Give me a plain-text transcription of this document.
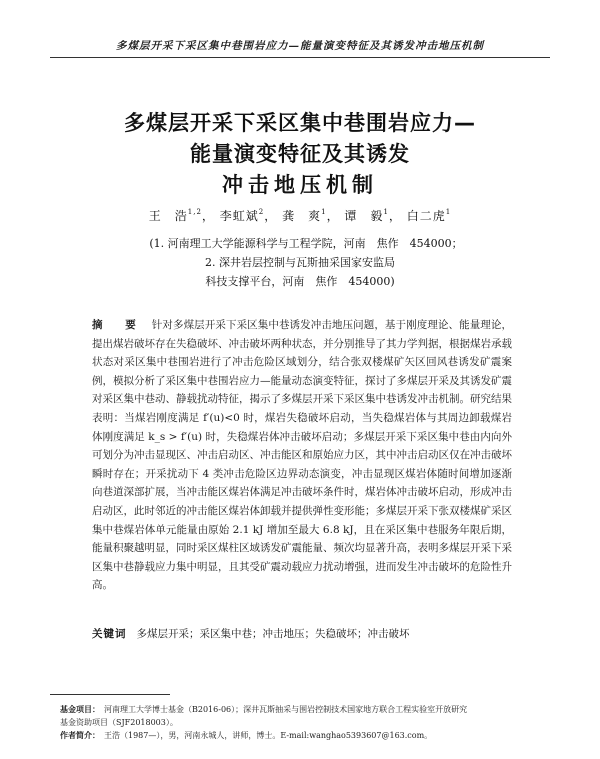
多煤层开采下采区集中巷围岩应力—能量演变特征及其诱发冲击地压机制
多煤层开采下采区集中巷围岩应力—
能量演变特征及其诱发
冲击地压机制
王　浩$^{1,2}$， 李虹斌$^2$， 龚　爽$^1$， 谭　毅$^1$， 白二虎$^1$
(1. 河南理工大学能源科学与工程学院，河南　焦作　454000；
2. 深井岩层控制与瓦斯抽采国家安监局
科技支撑平台，河南　焦作　454000)
摘　要 针对多煤层开采下采区集中巷诱发冲击地压问题，基于刚度理论、能量理论，提出煤岩破坏存在失稳破坏、冲击破坏两种状态，并分别推导了其力学判据，根据煤岩承载状态对采区集中巷围岩进行了冲击危险区域划分，结合张双楼煤矿矢区回风巷诱发矿震案例，模拟分析了采区集中巷围岩应力—能量动态演变特征，探讨了多煤层开采及其诱发矿震对采区集中巷动、静载扰动特征，揭示了多煤层开采下采区集中巷诱发冲击机制。研究结果表明：当煤岩刚度满足 f′(u)<0 时，煤岩失稳破坏启动，当失稳煤岩体与其周边卸载煤岩体刚度满足 k_s > f′(u) 时，失稳煤岩体冲击破坏启动；多煤层开采下采区集中巷由内向外可划分为冲击显现区、冲击启动区、冲击能区和原始应力区，其中冲击启动区仅在冲击破坏瞬时存在；开采扰动下 4 类冲击危险区边界动态演变，冲击显现区煤岩体随时间增加逐渐向巷道深部扩展，当冲击能区煤岩体满足冲击破坏条件时，煤岩体冲击破坏启动，形成冲击启动区，此时邻近的冲击能区煤岩体卸载并提供弹性变形能；多煤层开采下张双楼煤矿采区集中巷煤岩体单元能量由原始 2.1 kJ 增加至最大 6.8 kJ，且在采区集中巷服务年限后期，能量积聚越明显，同时采区煤柱区域诱发矿震能量、频次均显著升高，表明多煤层开采下采区集中巷静载应力集中明显，且其受矿震动载应力扰动增强，进而发生冲击破坏的危险性升高。
关键词 多煤层开采；采区集中巷；冲击地压；失稳破坏；冲击破坏
基金项目： 河南理工大学博士基金（B2016-06）；深井瓦斯抽采与围岩控制技术国家地方联合工程实验室开放研究
基金资助项目（SJF2018003）。
作者简介： 王浩（1987—），男，河南永城人，讲师，博士。E-mail:wanghao5393607@163.com。
